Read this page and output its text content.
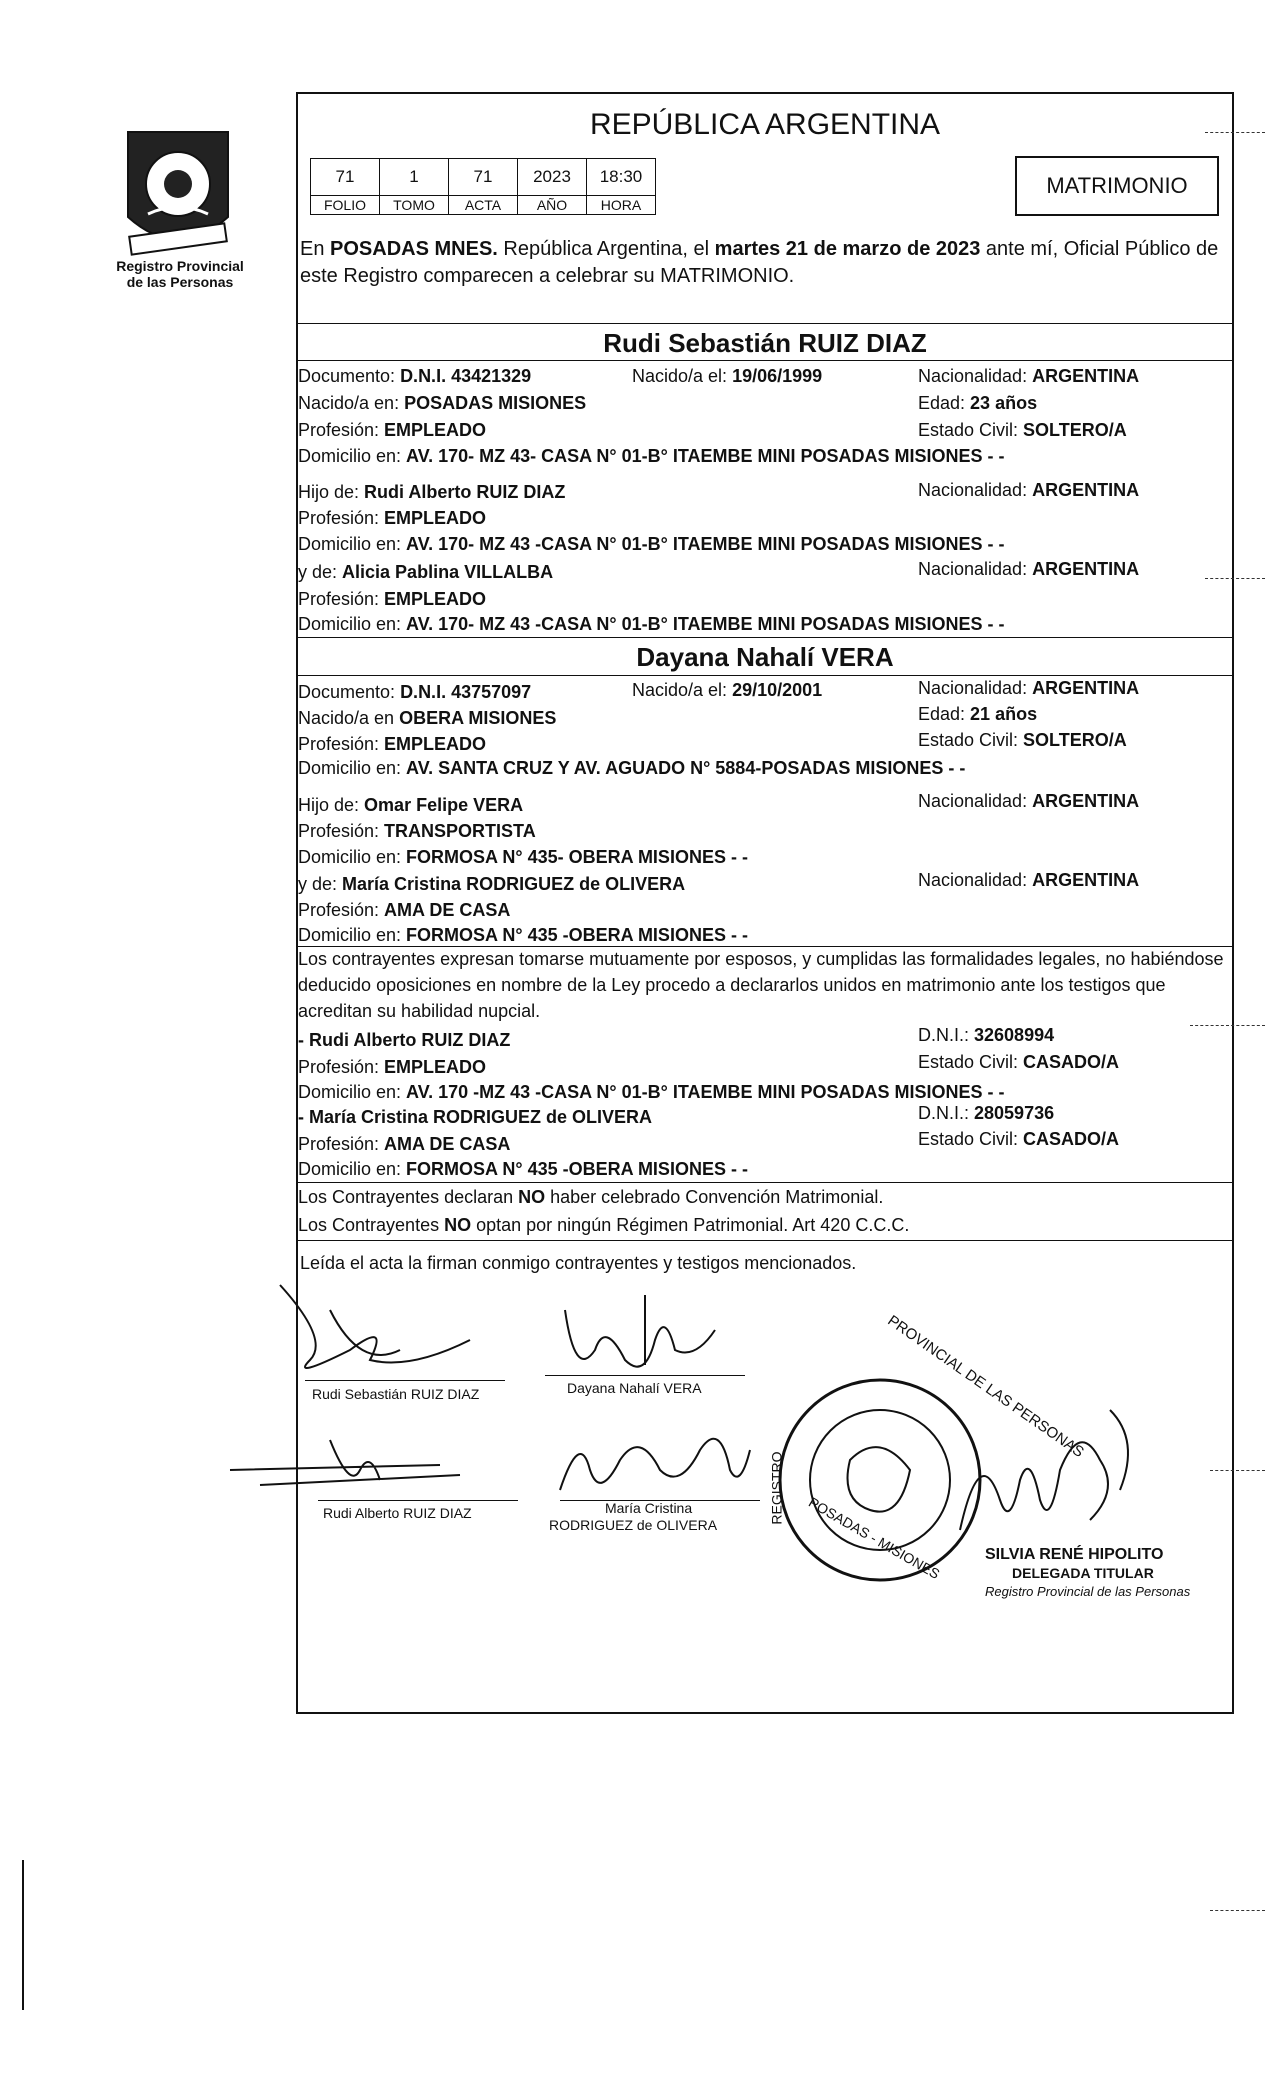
Registro Provincial
de las Personas
REPÚBLICA ARGENTINA
71	1	71	2023	18:30
FOLIO	TOMO	ACTA	AÑO	HORA
MATRIMONIO
En POSADAS MNES. República Argentina, el martes 21 de marzo de 2023 ante mí, Oficial Público de este Registro comparecen a celebrar su MATRIMONIO.
Rudi Sebastián RUIZ DIAZ
Documento: D.N.I. 43421329	Nacido/a el: 19/06/1999	Nacionalidad: ARGENTINA
Nacido/a en: POSADAS MISIONES	Edad: 23 años
Profesión: EMPLEADO	Estado Civil: SOLTERO/A
Domicilio en: AV. 170- MZ 43- CASA N° 01-B° ITAEMBE MINI POSADAS MISIONES - -
Hijo de: Rudi Alberto RUIZ DIAZ	Nacionalidad: ARGENTINA
Profesión: EMPLEADO
Domicilio en: AV. 170- MZ 43 -CASA N° 01-B° ITAEMBE MINI POSADAS MISIONES - -
y de: Alicia Pablina VILLALBA	Nacionalidad: ARGENTINA
Profesión: EMPLEADO
Domicilio en: AV. 170- MZ 43 -CASA N° 01-B° ITAEMBE MINI POSADAS MISIONES - -
Dayana Nahalí VERA
Documento: D.N.I. 43757097	Nacido/a el: 29/10/2001	Nacionalidad: ARGENTINA
Nacido/a en OBERA MISIONES	Edad: 21 años
Profesión: EMPLEADO	Estado Civil: SOLTERO/A
Domicilio en: AV. SANTA CRUZ Y AV. AGUADO N° 5884-POSADAS MISIONES - -
Hijo de: Omar Felipe VERA	Nacionalidad: ARGENTINA
Profesión: TRANSPORTISTA
Domicilio en: FORMOSA N° 435- OBERA MISIONES - -
y de: María Cristina RODRIGUEZ de OLIVERA	Nacionalidad: ARGENTINA
Profesión: AMA DE CASA
Domicilio en: FORMOSA N° 435 -OBERA MISIONES - -
Los contrayentes expresan tomarse mutuamente por esposos, y cumplidas las formalidades legales, no habiéndose deducido oposiciones en nombre de la Ley procedo a declararlos unidos en matrimonio ante los testigos que acreditan su habilidad nupcial.
- Rudi Alberto RUIZ DIAZ	D.N.I.: 32608994
Profesión: EMPLEADO	Estado Civil: CASADO/A
Domicilio en: AV. 170 -MZ 43 -CASA N° 01-B° ITAEMBE MINI POSADAS MISIONES - -
- María Cristina RODRIGUEZ de OLIVERA	D.N.I.: 28059736
Profesión: AMA DE CASA	Estado Civil: CASADO/A
Domicilio en: FORMOSA N° 435 -OBERA MISIONES - -
Los Contrayentes declaran NO haber celebrado Convención Matrimonial.
Los Contrayentes NO optan por ningún Régimen Patrimonial. Art 420 C.C.C.
Leída el acta la firman conmigo contrayentes y testigos mencionados.
Rudi Sebastián RUIZ DIAZ	Dayana Nahalí VERA
Rudi Alberto RUIZ DIAZ	María Cristina
RODRIGUEZ de OLIVERA
PROVINCIAL DE LAS PERSONAS
POSADAS - MISIONES
REGISTRO
SILVIA RENÉ HIPOLITO
DELEGADA TITULAR
Registro Provincial de las Personas
